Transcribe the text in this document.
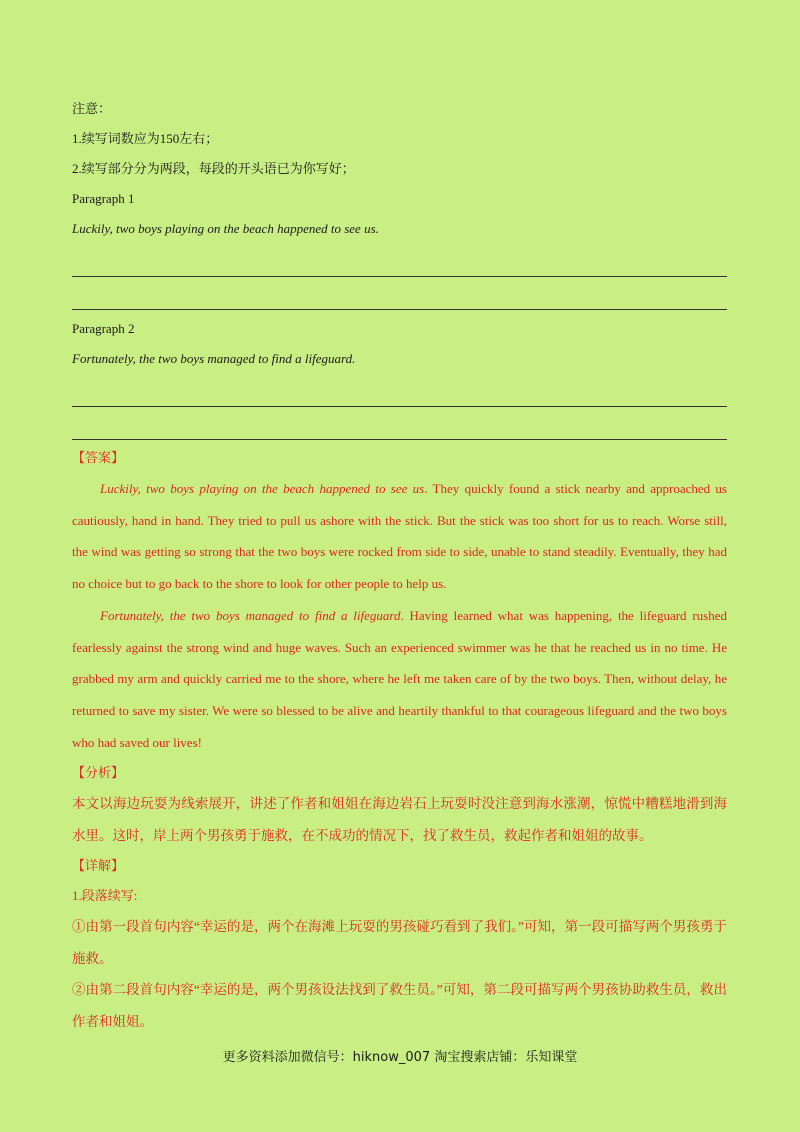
注意：
1.续写词数应为150左右；
2.续写部分分为两段，每段的开头语已为你写好；
Paragraph 1
Luckily, two boys playing on the beach happened to see us.
Paragraph 2
Fortunately, the two boys managed to find a lifeguard.
【答案】

Luckily, two boys playing on the beach happened to see us. They quickly found a stick nearby and approached us cautiously, hand in hand. They tried to pull us ashore with the stick. But the stick was too short for us to reach. Worse still, the wind was getting so strong that the two boys were rocked from side to side, unable to stand steadily. Eventually, they had no choice but to go back to the shore to look for other people to help us.

Fortunately, the two boys managed to find a lifeguard. Having learned what was happening, the lifeguard rushed fearlessly against the strong wind and huge waves. Such an experienced swimmer was he that he reached us in no time. He grabbed my arm and quickly carried me to the shore, where he left me taken care of by the two boys. Then, without delay, he returned to save my sister. We were so blessed to be alive and heartily thankful to that courageous lifeguard and the two boys who had saved our lives!

【分析】

本文以海边玩耍为线索展开，讲述了作者和姐姐在海边岩石上玩耍时没注意到海水涨潮，惊慌中糟糕地滑到海水里。这时，岸上两个男孩勇于施救，在不成功的情况下，找了救生员，救起作者和姐姐的故事。

【详解】
1.段落续写:

①由第一段首句内容“幸运的是，两个在海滩上玩耍的男孩碰巧看到了我们。”可知，第一段可描写两个男孩勇于施救。

②由第二段首句内容“幸运的是，两个男孩设法找到了救生员。”可知，第二段可描写两个男孩协助救生员，救出作者和姐姐。

更多资料添加微信号：hiknow_007 淘宝搜索店铺：乐知课堂
